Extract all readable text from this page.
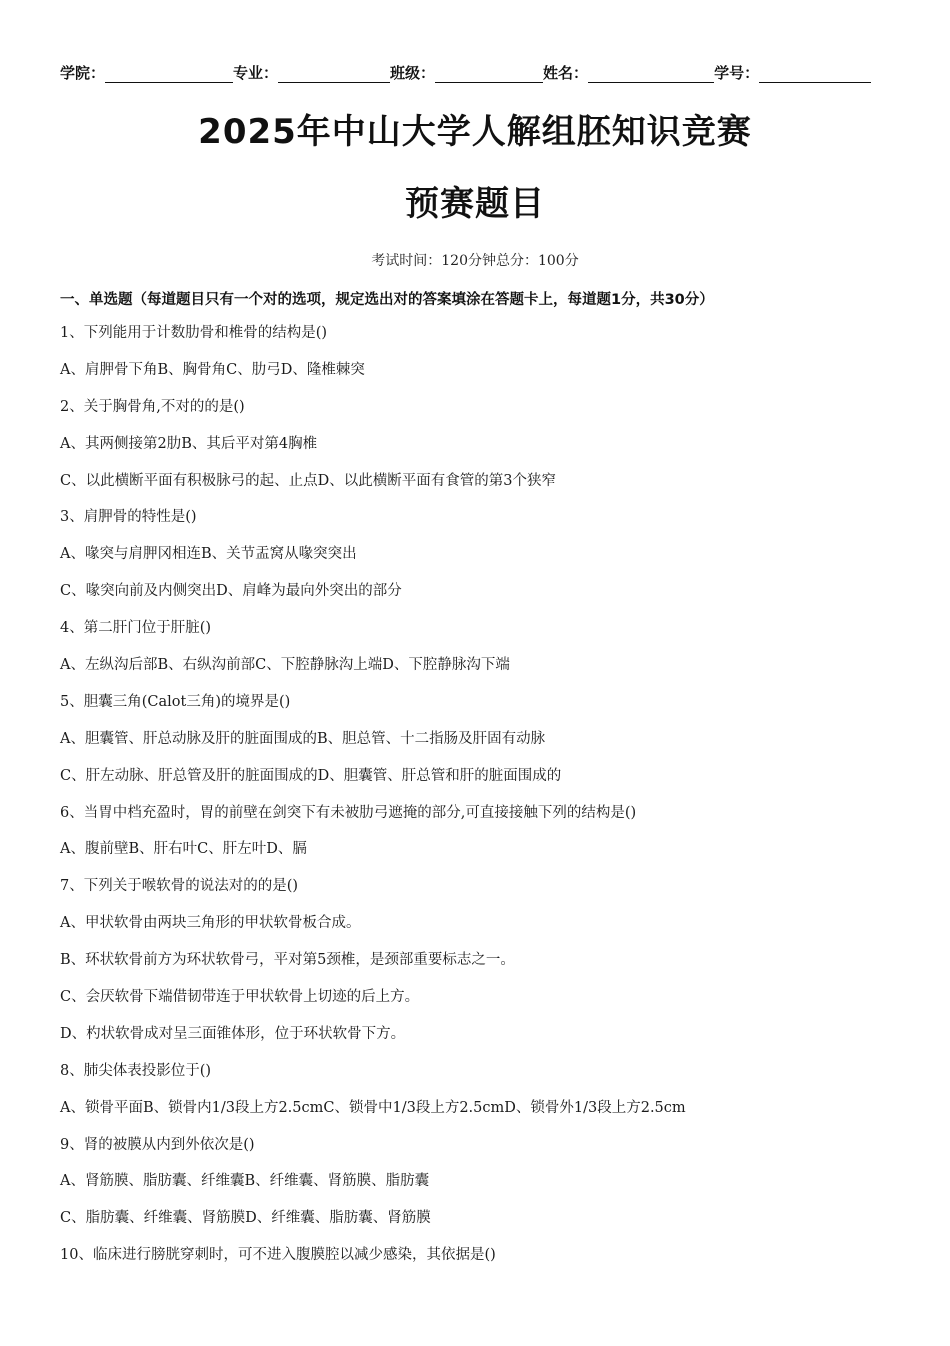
学院：	专业：	班级：	姓名：	学号：
2025年中山大学人解组胚知识竞赛
预赛题目
考试时间：120分钟总分：100分
一、单选题（每道题目只有一个对的选项，规定选出对的答案填涂在答题卡上，每道题1分，共30分）
1、下列能用于计数肋骨和椎骨的结构是()
A、肩胛骨下角B、胸骨角C、肋弓D、隆椎棘突
2、关于胸骨角,不对的的是()
A、其两侧接第2肋B、其后平对第4胸椎
C、以此横断平面有积极脉弓的起、止点D、以此横断平面有食管的第3个狭窄
3、肩胛骨的特性是()
A、喙突与肩胛冈相连B、关节盂窝从喙突突出
C、喙突向前及内侧突出D、肩峰为最向外突出的部分
4、第二肝门位于肝脏()
A、左纵沟后部B、右纵沟前部C、下腔静脉沟上端D、下腔静脉沟下端
5、胆囊三角(Calot三角)的境界是()
A、胆囊管、肝总动脉及肝的脏面围成的B、胆总管、十二指肠及肝固有动脉
C、肝左动脉、肝总管及肝的脏面围成的D、胆囊管、肝总管和肝的脏面围成的
6、当胃中档充盈时，胃的前壁在剑突下有未被肋弓遮掩的部分,可直接接触下列的结构是()
A、腹前壁B、肝右叶C、肝左叶D、膈
7、下列关于喉软骨的说法对的的是()
A、甲状软骨由两块三角形的甲状软骨板合成。
B、环状软骨前方为环状软骨弓，平对第5颈椎，是颈部重要标志之一。
C、会厌软骨下端借韧带连于甲状软骨上切迹的后上方。
D、杓状软骨成对呈三面锥体形，位于环状软骨下方。
8、肺尖体表投影位于()
A、锁骨平面B、锁骨内1/3段上方2.5cmC、锁骨中1/3段上方2.5cmD、锁骨外1/3段上方2.5cm
9、肾的被膜从内到外依次是()
A、肾筋膜、脂肪囊、纤维囊B、纤维囊、肾筋膜、脂肪囊
C、脂肪囊、纤维囊、肾筋膜D、纤维囊、脂肪囊、肾筋膜
10、临床进行膀胱穿刺时，可不进入腹膜腔以减少感染，其依据是()
